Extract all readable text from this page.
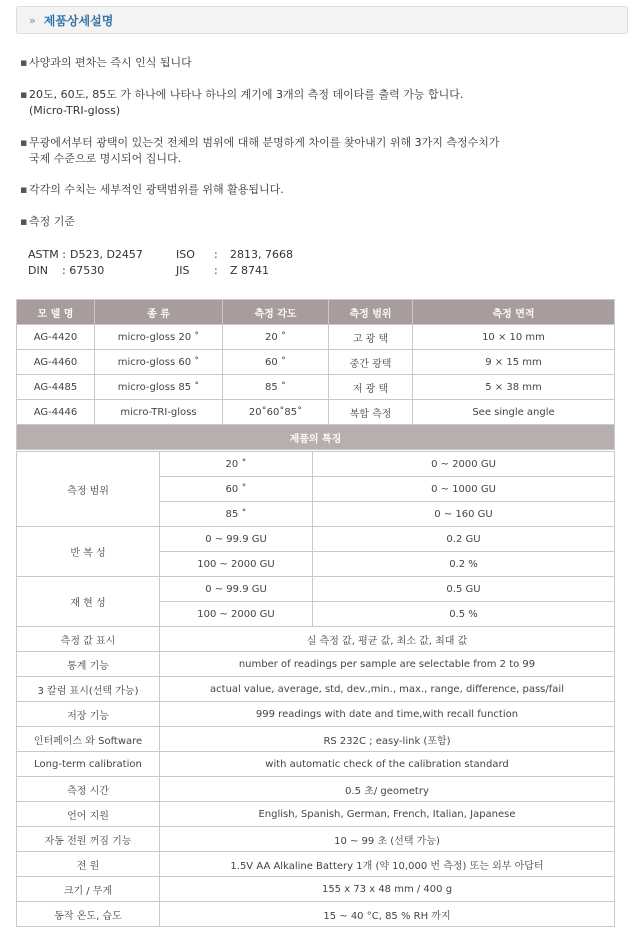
» 제품상세설명
▪ 사양과의 편차는 즉시 인식 됩니다
▪ 20도, 60도, 85도 가 하나에 나타나 하나의 계기에 3개의 측정 데이타를 출력 가능 합니다.
(Micro-TRI-gloss)
▪ 무광에서부터 광택이 있는것 전체의 범위에 대해 분명하게 차이를 찾아내기 위해 3가지 측정수치가
국제 수준으로 명시되어 집니다.
▪ 각각의 수치는 세부적인 광택범위를 위해 활용됩니다.
▪ 측정 기준
ASTM : D523, D2457	ISO : 2813, 7668
DIN : 67530	JIS : Z 8741
모 델 명	종 류	측정 각도	측정 범위	측정 면적
AG-4420	micro-gloss 20 ˚	20 ˚	고 광 택	10 × 10 mm
AG-4460	micro-gloss 60 ˚	60 ˚	중간 광택	9 × 15 mm
AG-4485	micro-gloss 85 ˚	85 ˚	저 광 택	5 × 38 mm
AG-4446	micro-TRI-gloss	20˚60˚85˚	복합 측정	See single angle
제품의 특징				
측정 범위	20 ˚	0 ~ 2000 GU
	60 ˚	0 ~ 1000 GU
	85 ˚	0 ~ 160 GU
반 복 성	0 ~ 99.9 GU	0.2 GU
	100 ~ 2000 GU	0.2 %
재 현 성	0 ~ 99.9 GU	0.5 GU
	100 ~ 2000 GU	0.5 %
측정 값 표시	실 측정 값, 평균 값, 최소 값, 최대 값	
통계 기능	number of readings per sample are selectable from 2 to 99	
3 칼럼 표시(선택 가능)	actual value, average, std, dev.,min., max., range, difference, pass/fail	
저장 기능	999 readings with date and time,with recall function	
인터페이스 와 Software	RS 232C ; easy-link (포함)	
Long-term calibration	with automatic check of the calibration standard	
측정 시간	0.5 초/ geometry	
언어 지원	English, Spanish, German, French, Italian, Japanese	
자동 전원 꺼짐 기능	10 ~ 99 초 (선택 가능)	
전 원	1.5V AA Alkaline Battery 1개 (약 10,000 번 측정) 또는 외부 아답터	
크기 / 무게	155 x 73 x 48 mm / 400 g	
동작 온도, 습도	15 ~ 40 °C, 85 % RH 까지	
